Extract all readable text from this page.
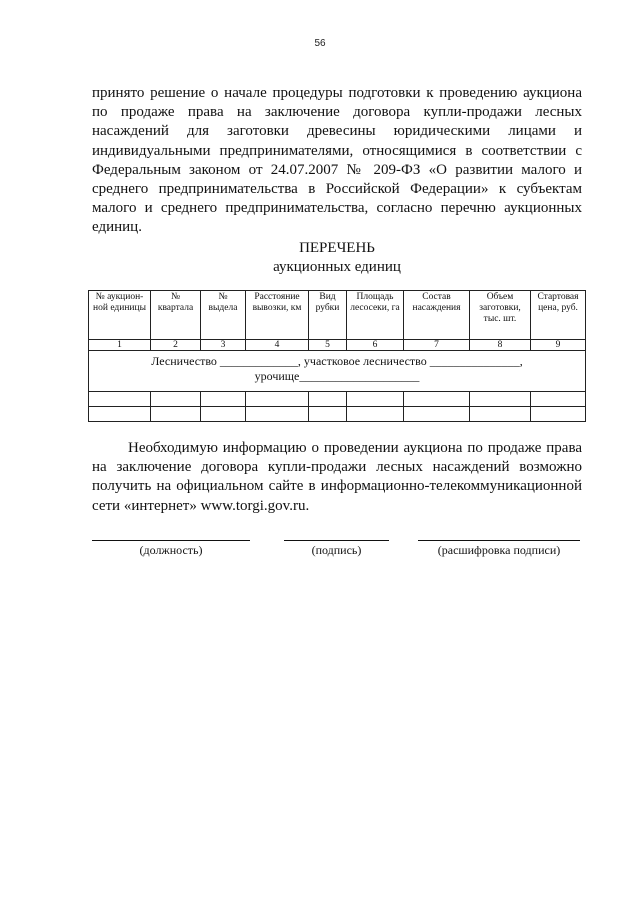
56

принято решение о начале процедуры подготовки к проведению аукциона по продаже права на заключение договора купли-продажи лесных насаждений для заготовки древесины юридическими лицами и индивидуальными предпринимателями, относящимися в соответствии с Федеральным законом от 24.07.2007 № 209-ФЗ «О развитии малого и среднего предпринимательства в Российской Федерации» к субъектам малого и среднего предпринимательства, согласно перечню аукционных единиц.

ПЕРЕЧЕНЬ
аукционных единиц
№ аукцион-ной единицы	№ квартала	№ выдела	Расстояние вывозки, км	Вид рубки	Площадь лесосеки, га	Состав насаждения	Объем заготовки, тыс. шт.	Стартовая цена, руб.
1	2	3	4	5	6	7	8	9

Лесничество _____________, участковое лесничество _______________,
урочище____________________								

Необходимую информацию о проведении аукциона по продаже права на заключение договора купли-продажи лесных насаждений возможно получить на официальном сайте в информационно-телекоммуникационной сети «интернет» www.torgi.gov.ru.

(должность)	(подпись)	(расшифровка подписи)
